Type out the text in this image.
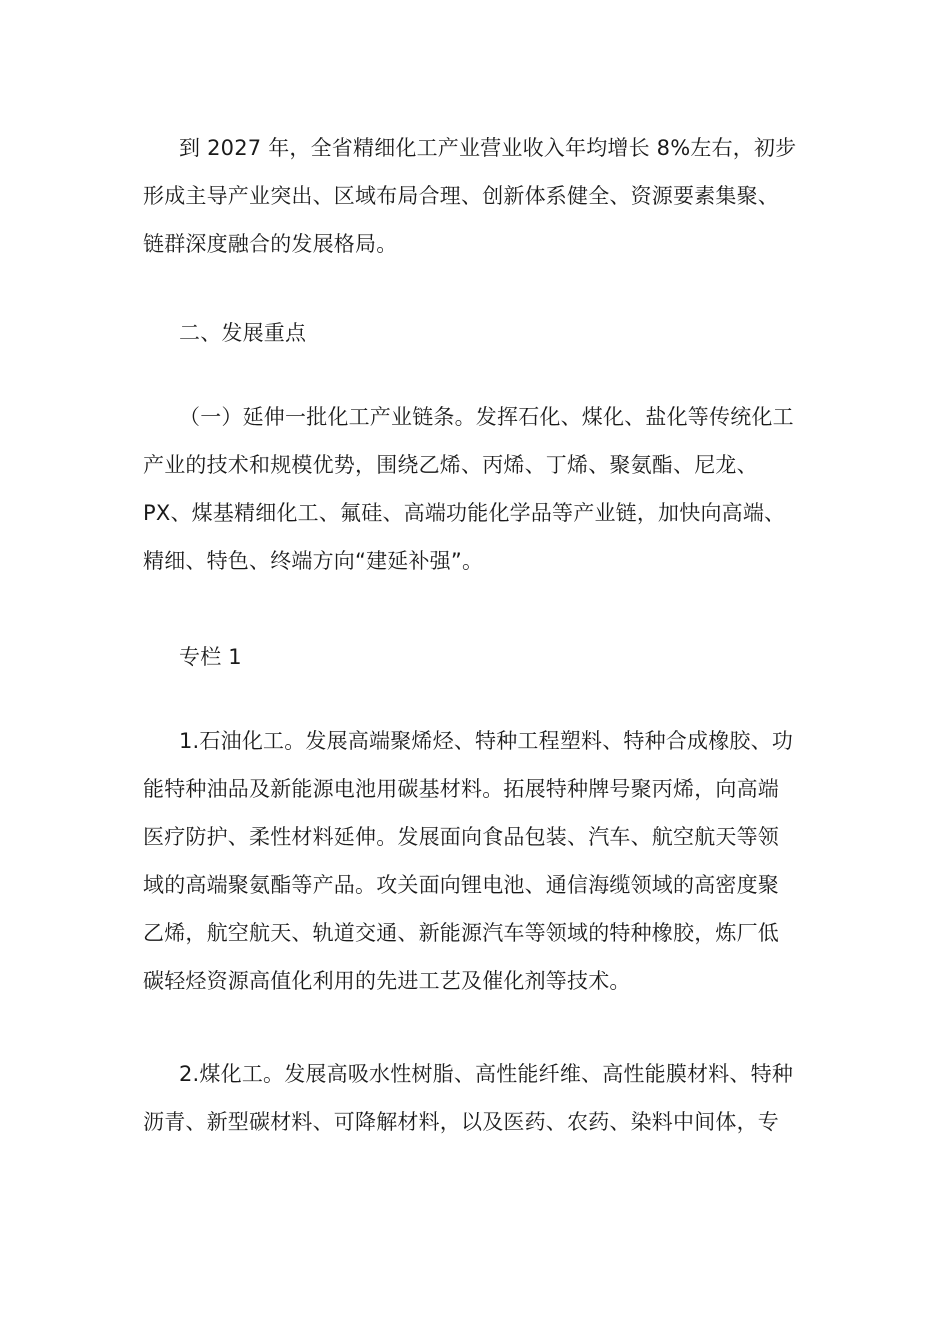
到 2027 年，全省精细化工产业营业收入年均增长 8%左右，初步
形成主导产业突出、区域布局合理、创新体系健全、资源要素集聚、
链群深度融合的发展格局。
二、发展重点
（一）延伸一批化工产业链条。发挥石化、煤化、盐化等传统化工
产业的技术和规模优势，围绕乙烯、丙烯、丁烯、聚氨酯、尼龙、
PX、煤基精细化工、氟硅、高端功能化学品等产业链，加快向高端、
精细、特色、终端方向“建延补强”。
专栏 1
1.石油化工。发展高端聚烯烃、特种工程塑料、特种合成橡胶、功
能特种油品及新能源电池用碳基材料。拓展特种牌号聚丙烯，向高端
医疗防护、柔性材料延伸。发展面向食品包装、汽车、航空航天等领
域的高端聚氨酯等产品。攻关面向锂电池、通信海缆领域的高密度聚
乙烯，航空航天、轨道交通、新能源汽车等领域的特种橡胶，炼厂低
碳轻烃资源高值化利用的先进工艺及催化剂等技术。
2.煤化工。发展高吸水性树脂、高性能纤维、高性能膜材料、特种
沥青、新型碳材料、可降解材料，以及医药、农药、染料中间体，专
